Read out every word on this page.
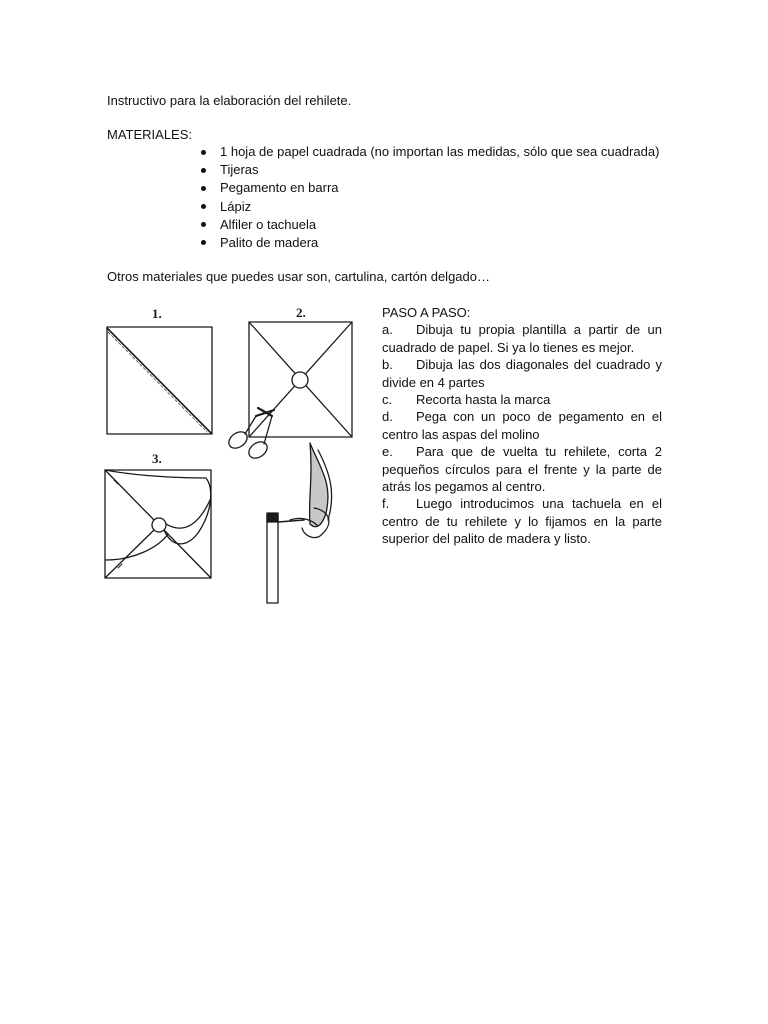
Instructivo para la elaboración del rehilete.
MATERIALES:
1 hoja de papel cuadrada (no importan las medidas, sólo que sea cuadrada)
Tijeras
Pegamento en barra
Lápiz
Alfiler o tachuela
Palito de madera
Otros materiales que puedes usar son, cartulina, cartón delgado…
1.	2.
3.

PASO A PASO:

a. Dibuja tu propia plantilla a partir de un cuadrado de papel. Si ya lo tienes es mejor.

b. Dibuja las dos diagonales del cuadrado y divide en 4 partes

c. Recorta hasta la marca

d. Pega con un poco de pegamento en el centro las aspas del molino

e. Para que de vuelta tu rehilete, corta 2 pequeños círculos para el frente y la parte de atrás los pegamos al centro.

f. Luego introducimos una tachuela en el centro de tu rehilete y lo fijamos en la parte superior del palito de madera y listo.
